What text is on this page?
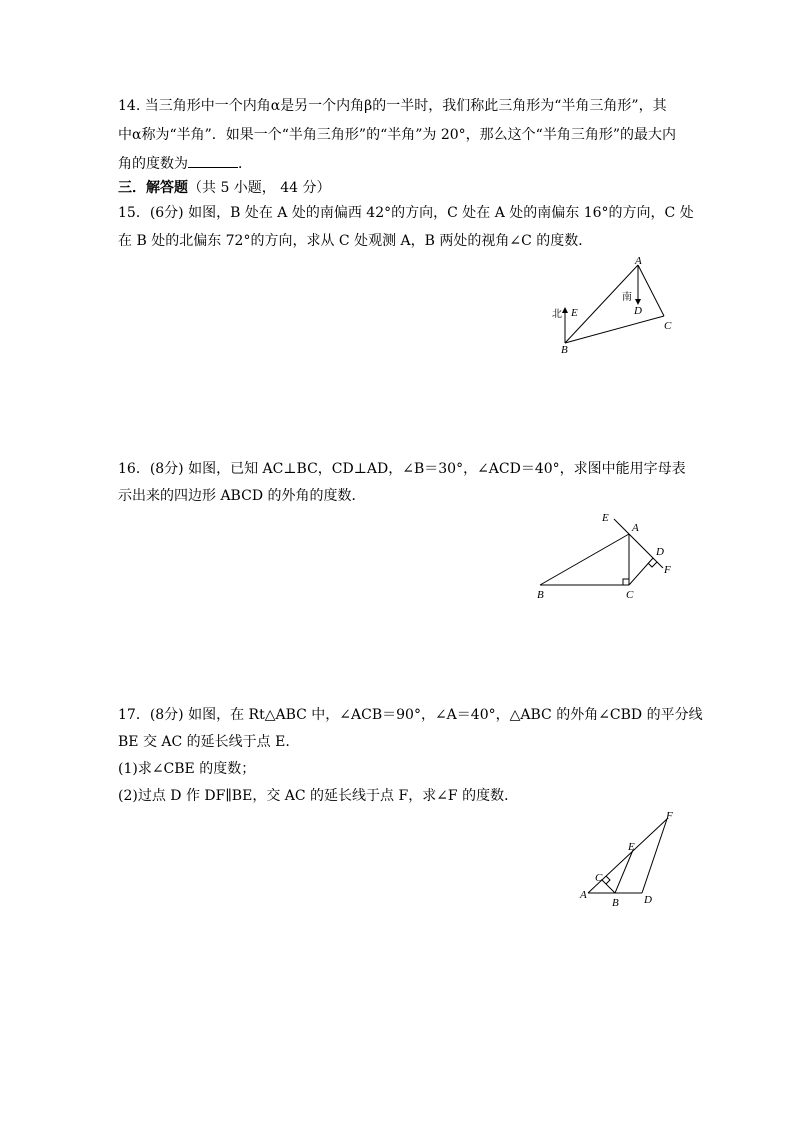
14. 当三角形中一个内角α是另一个内角β的一半时，我们称此三角形为“半角三角形”，其
中α称为“半角”．如果一个“半角三角形”的“半角”为 20°，那么这个“半角三角形”的最大内
角的度数为	．
三．解答题（共 5 小题， 44 分）
15．(6分) 如图，B 处在 A 处的南偏西 42°的方向，C 处在 A 处的南偏东 16°的方向，C 处
在 B 处的北偏东 72°的方向，求从 C 处观测 A，B 两处的视角∠C 的度数．
A
B
C
D
E
北
南
16．(8分) 如图，已知 AC⊥BC，CD⊥AD，∠B＝30°，∠ACD＝40°，求图中能用字母表
示出来的四边形 ABCD 的外角的度数．
A
B	C
D
E
F
17．(8分) 如图，在 Rt△ABC 中，∠ACB＝90°，∠A＝40°，△ABC 的外角∠CBD 的平分线
BE 交 AC 的延长线于点 E.
(1)求∠CBE 的度数；
(2)过点 D 作 DF∥BE，交 AC 的延长线于点 F，求∠F 的度数．
A
B
C
D
E
F
